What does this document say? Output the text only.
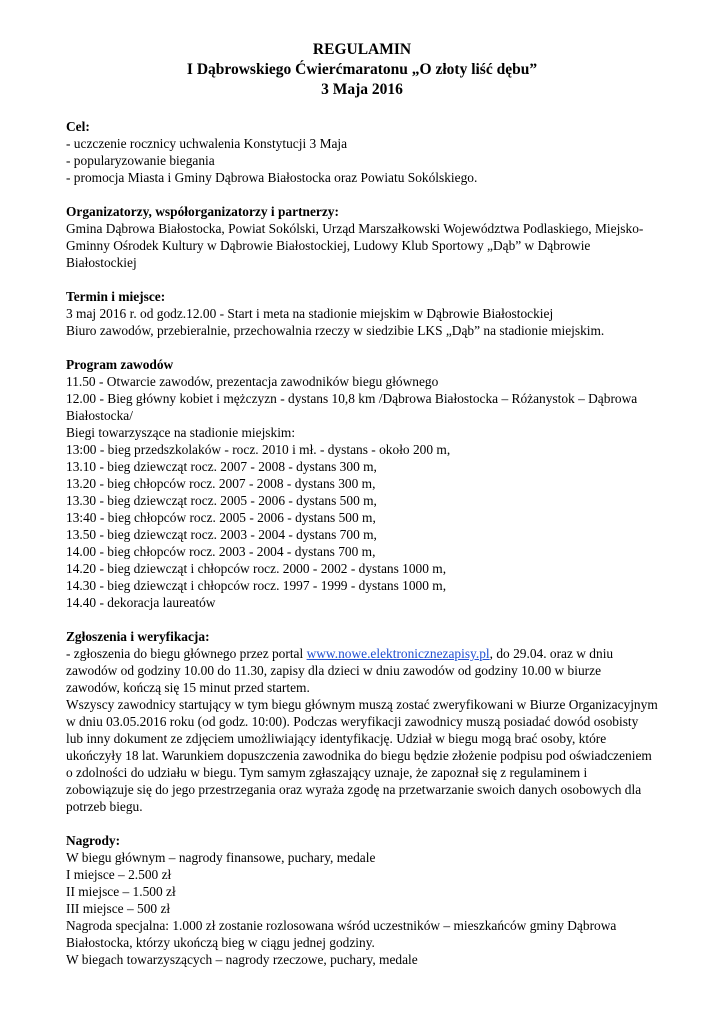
REGULAMIN

I Dąbrowskiego Ćwierćmaratonu „O złoty liść dębu”

3 Maja 2016

Cel:

- uczczenie rocznicy uchwalenia Konstytucji 3 Maja

- popularyzowanie biegania

- promocja Miasta i Gminy Dąbrowa Białostocka oraz Powiatu Sokólskiego.

Organizatorzy, współorganizatorzy i partnerzy:

Gmina Dąbrowa Białostocka, Powiat Sokólski, Urząd Marszałkowski Województwa Podlaskiego, Miejsko-Gminny Ośrodek Kultury w Dąbrowie Białostockiej, Ludowy Klub Sportowy „Dąb” w Dąbrowie Białostockiej

Termin i miejsce:

3 maj 2016 r. od godz.12.00 - Start i meta na stadionie miejskim w Dąbrowie Białostockiej

Biuro zawodów, przebieralnie, przechowalnia rzeczy w siedzibie LKS „Dąb” na stadionie miejskim.

Program zawodów

11.50 - Otwarcie zawodów, prezentacja zawodników biegu głównego

12.00 - Bieg główny kobiet i mężczyzn - dystans 10,8 km /Dąbrowa Białostocka – Różanystok – Dąbrowa Białostocka/

Biegi towarzyszące na stadionie miejskim:

13:00 - bieg przedszkolaków - rocz. 2010 i mł. - dystans - około 200 m,

13.10 - bieg dziewcząt rocz. 2007 - 2008 - dystans 300 m,

13.20 - bieg chłopców rocz. 2007 - 2008 - dystans 300 m,

13.30 - bieg dziewcząt rocz. 2005 - 2006 - dystans 500 m,

13:40 - bieg chłopców rocz. 2005 - 2006 - dystans 500 m,

13.50 - bieg dziewcząt rocz. 2003 - 2004 - dystans 700 m,

14.00 - bieg chłopców rocz. 2003 - 2004 - dystans 700 m,

14.20 - bieg dziewcząt i chłopców rocz. 2000 - 2002 - dystans 1000 m,

14.30 - bieg dziewcząt i chłopców rocz. 1997 - 1999 - dystans 1000 m,

14.40 - dekoracja laureatów

Zgłoszenia i weryfikacja:

- zgłoszenia do biegu głównego przez portal www.nowe.elektronicznezapisy.pl, do 29.04. oraz w dniu zawodów od godziny 10.00 do 11.30, zapisy dla dzieci w dniu zawodów od godziny 10.00 w biurze zawodów, kończą się 15 minut przed startem.

Wszyscy zawodnicy startujący w tym biegu głównym muszą zostać zweryfikowani w Biurze Organizacyjnym w dniu 03.05.2016 roku (od godz. 10:00). Podczas weryfikacji zawodnicy muszą posiadać dowód osobisty lub inny dokument ze zdjęciem umożliwiający identyfikację. Udział w biegu mogą brać osoby, które ukończyły 18 lat. Warunkiem dopuszczenia zawodnika do biegu będzie złożenie podpisu pod oświadczeniem o zdolności do udziału w biegu. Tym samym zgłaszający uznaje, że zapoznał się z regulaminem i zobowiązuje się do jego przestrzegania oraz wyraża zgodę na przetwarzanie swoich danych osobowych dla potrzeb biegu.

Nagrody:

W biegu głównym – nagrody finansowe, puchary, medale

I miejsce – 2.500 zł

II miejsce – 1.500 zł

III miejsce – 500 zł

Nagroda specjalna: 1.000 zł zostanie rozlosowana wśród uczestników – mieszkańców gminy Dąbrowa Białostocka, którzy ukończą bieg w ciągu jednej godziny.

W biegach towarzyszących – nagrody rzeczowe, puchary, medale
